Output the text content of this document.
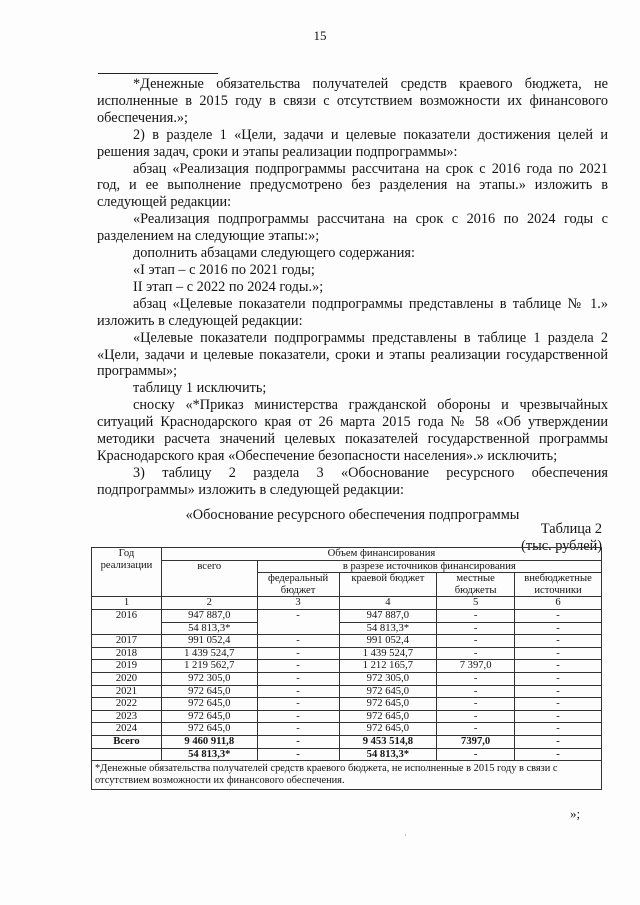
15

*Денежные обязательства получателей средств краевого бюджета, не исполненные в 2015 году в связи с отсутствием возможности их финансового обеспечения.»;

2) в разделе 1 «Цели, задачи и целевые показатели достижения целей и решения задач, сроки и этапы реализации подпрограммы»:

абзац «Реализация подпрограммы рассчитана на срок с 2016 года по 2021 год, и ее выполнение предусмотрено без разделения на этапы.» изложить в следующей редакции:

«Реализация подпрограммы рассчитана на срок с 2016 по 2024 годы с разделением на следующие этапы:»;

дополнить абзацами следующего содержания:

«I этап – с 2016 по 2021 годы;

II этап – с 2022 по 2024 годы.»;

абзац «Целевые показатели подпрограммы представлены в таблице № 1.» изложить в следующей редакции:

«Целевые показатели подпрограммы представлены в таблице 1 раздела 2 «Цели, задачи и целевые показатели, сроки и этапы реализации государственной программы»;

таблицу 1 исключить;

сноску «*Приказ министерства гражданской обороны и чрезвычайных ситуаций Краснодарского края от 26 марта 2015 года № 58 «Об утверждении методики расчета значений целевых показателей государственной программы Краснодарского края «Обеспечение безопасности населения».» исключить;

3) таблицу 2 раздела 3 «Обоснование ресурсного обеспечения подпрограммы» изложить в следующей редакции:

«Обоснование ресурсного обеспечения подпрограммы

Таблица 2
(тыс. рублей)
Год реализации	Объем финансирования				
	всего	в разрезе источников финансирования			
		федеральный бюджет	краевой бюджет	местные бюджеты	внебюджетные источники
1	2	3	4	5	6
2016	947 887,0	-	947 887,0	-	-
	54 813,3*		54 813,3*	-	-
2017	991 052,4	-	991 052,4	-	-
2018	1 439 524,7	-	1 439 524,7	-	-
2019	1 219 562,7	-	1 212 165,7	7 397,0	-
2020	972 305,0	-	972 305,0	-	-
2021	972 645,0	-	972 645,0	-	-
2022	972 645,0	-	972 645,0	-	-
2023	972 645,0	-	972 645,0	-	-
2024	972 645,0	-	972 645,0	-	-
Всего	9 460 911,8	-	9 453 514,8	7397,0	-
	54 813,3*	-	54 813,3*	-	-
*Денежные обязательства получателей средств краевого бюджета, не исполненные в 2015 году в связи с отсутствием возможности их финансового обеспечения.					
»;
·
